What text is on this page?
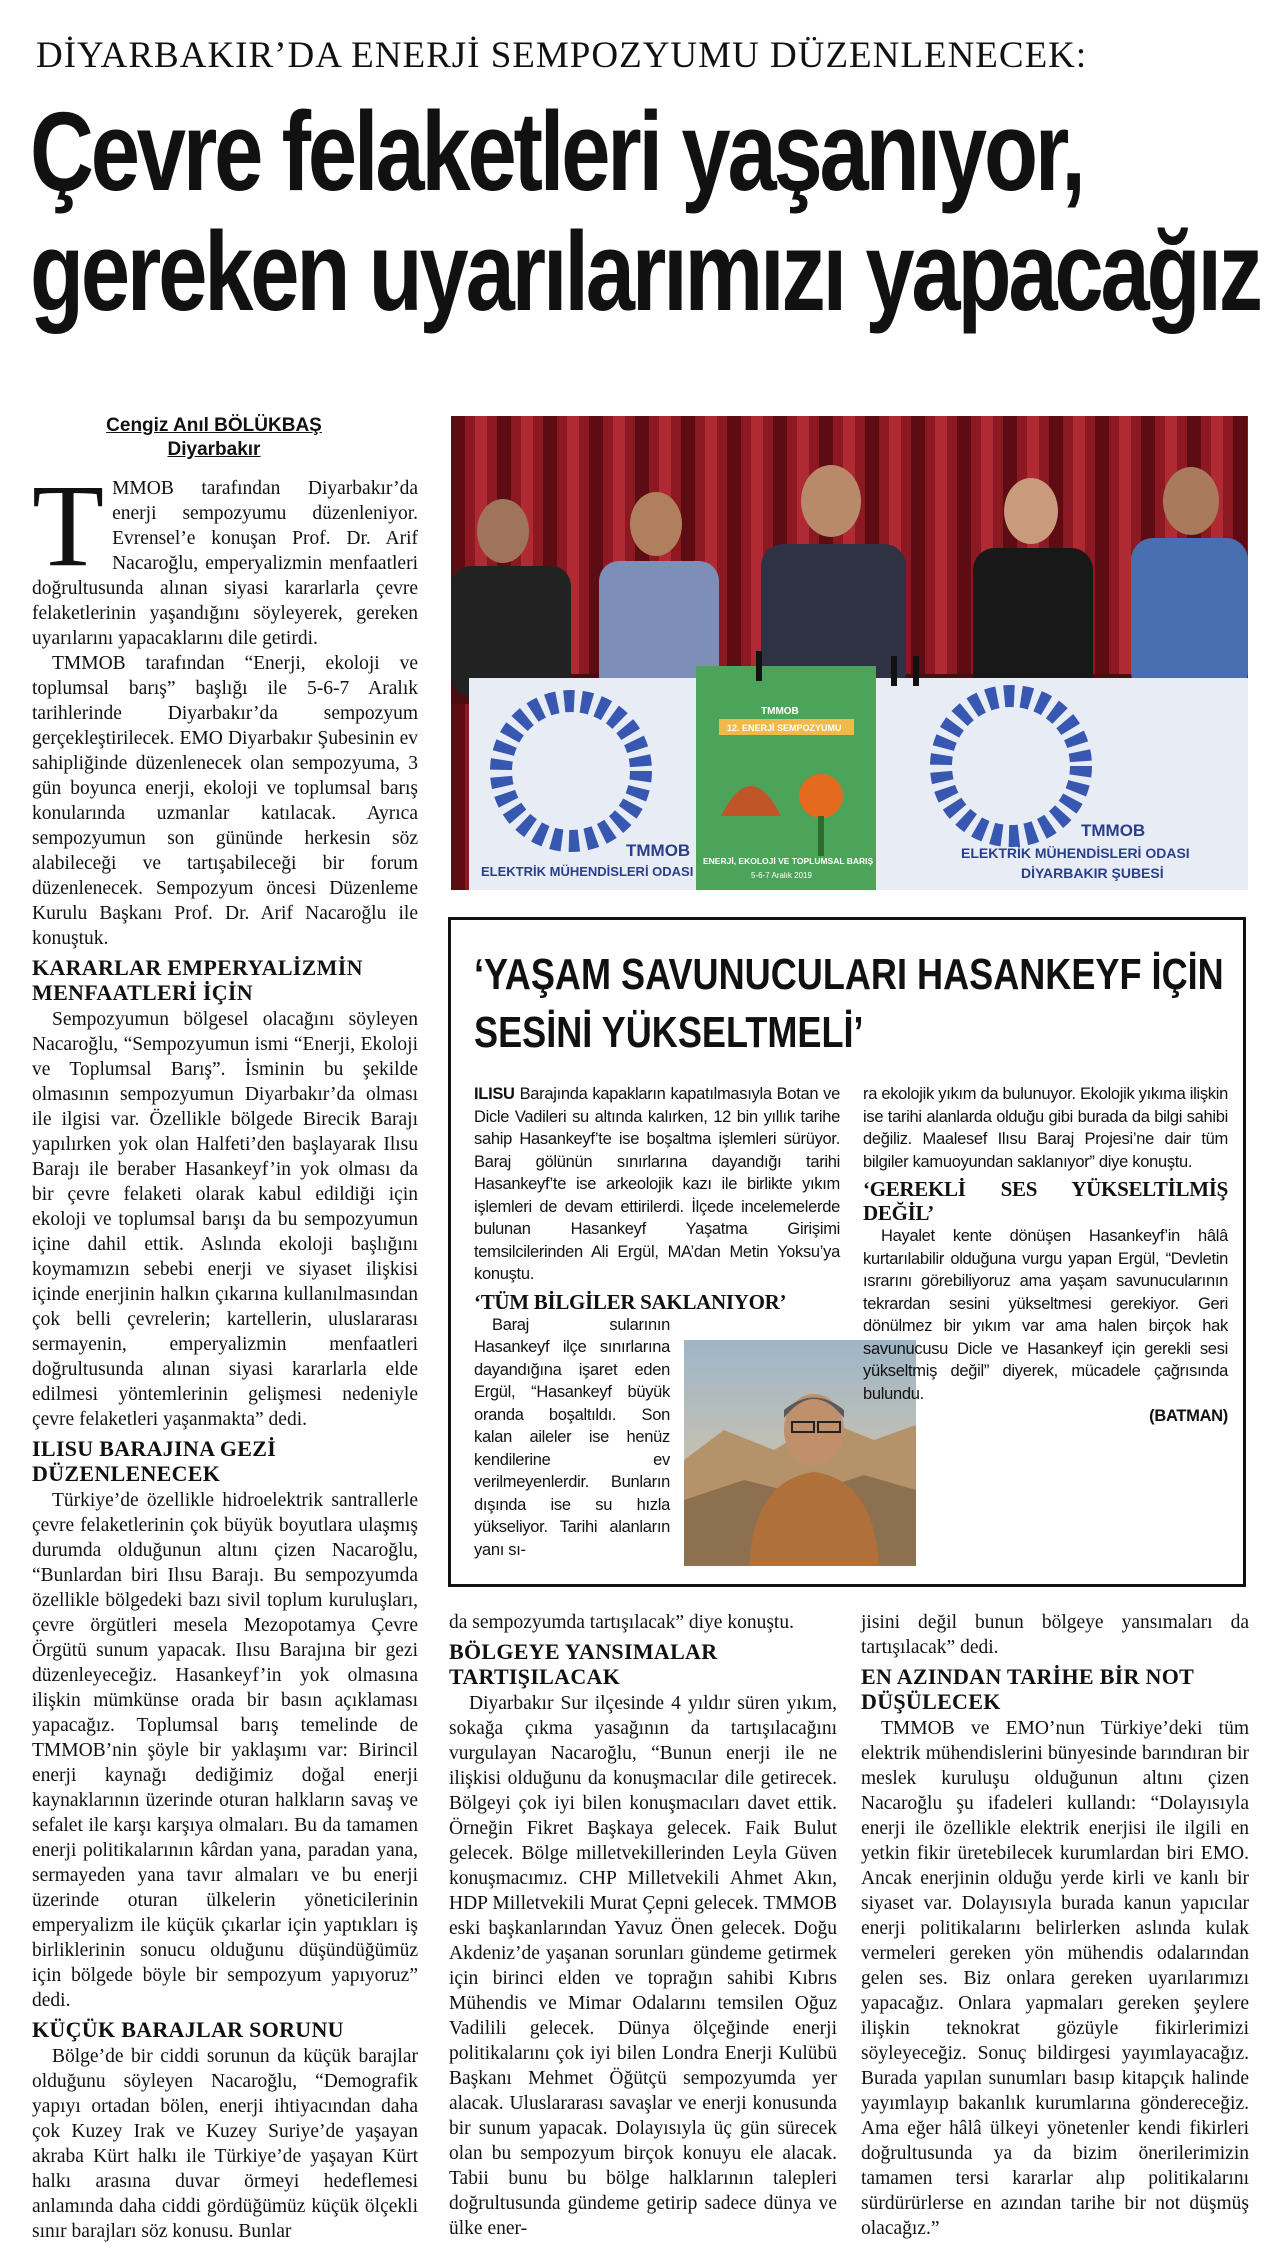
DİYARBAKIR’DA ENERJİ SEMPOZYUMU DÜZENLENECEK:
Çevre felaketleri yaşanıyor,
gereken uyarılarımızı yapacağız
Cengiz Anıl BÖLÜKBAŞ
Diyarbakır

TMMOB tarafından Diyarbakır’da enerji sempozyumu düzenleniyor. Evrensel’e konuşan Prof. Dr. Arif Nacaroğlu, emperyalizmin menfaatleri doğrultusunda alınan siyasi kararlarla çevre felaketlerinin yaşandığını söyleyerek, gereken uyarılarını yapacaklarını dile getirdi.

TMMOB tarafından “Enerji, ekoloji ve toplumsal barış” başlığı ile 5-6-7 Aralık tarihlerinde Diyarbakır’da sempozyum gerçekleştirilecek. EMO Diyarbakır Şubesinin ev sahipliğinde düzenlenecek olan sempozyuma, 3 gün boyunca enerji, ekoloji ve toplumsal barış konularında uzmanlar katılacak. Ayrıca sempozyumun son gününde herkesin söz alabileceği ve tartışabileceği bir forum düzenlenecek. Sempozyum öncesi Düzenleme Kurulu Başkanı Prof. Dr. Arif Nacaroğlu ile konuştuk.

KARARLAR EMPERYALİZMİN MENFAATLERİ İÇİN

Sempozyumun bölgesel olacağını söyleyen Nacaroğlu, “Sempozyumun ismi “Enerji, Ekoloji ve Toplumsal Barış”. İsminin bu şekilde olmasının sempozyumun Diyarbakır’da olması ile ilgisi var. Özellikle bölgede Birecik Barajı yapılırken yok olan Halfeti’den başlayarak Ilısu Barajı ile beraber Hasankeyf’in yok olması da bir çevre felaketi olarak kabul edildiği için ekoloji ve toplumsal barışı da bu sempozyumun içine dahil ettik. Aslında ekoloji başlığını koymamızın sebebi enerji ve siyaset ilişkisi içinde enerjinin halkın çıkarına kullanılmasından çok belli çevrelerin; kartellerin, uluslararası sermayenin, emperyalizmin menfaatleri doğrultusunda alınan siyasi kararlarla elde edilmesi yöntemlerinin gelişmesi nedeniyle çevre felaketleri yaşanmakta” dedi.

ILISU BARAJINA GEZİ DÜZENLENECEK

Türkiye’de özellikle hidroelektrik santrallerle çevre felaketlerinin çok büyük boyutlara ulaşmış durumda olduğunun altını çizen Nacaroğlu, “Bunlardan biri Ilısu Barajı. Bu sempozyumda özellikle bölgedeki bazı sivil toplum kuruluşları, çevre örgütleri mesela Mezopotamya Çevre Örgütü sunum yapacak. Ilısu Barajına bir gezi düzenleyeceğiz. Hasankeyf’in yok olmasına ilişkin mümkünse orada bir basın açıklaması yapacağız. Toplumsal barış temelinde de TMMOB’nin şöyle bir yaklaşımı var: Birincil enerji kaynağı dediğimiz doğal enerji kaynaklarının üzerinde oturan halkların savaş ve sefalet ile karşı karşıya olmaları. Bu da tamamen enerji politikalarının kârdan yana, paradan yana, sermayeden yana tavır almaları ve bu enerji üzerinde oturan ülkelerin yöneticilerinin emperyalizm ile küçük çıkarlar için yaptıkları iş birliklerinin sonucu olduğunu düşündüğümüz için bölgede böyle bir sempozyum yapıyoruz” dedi.

KÜÇÜK BARAJLAR SORUNU

Bölge’de bir ciddi sorunun da küçük barajlar olduğunu söyleyen Nacaroğlu, “Demografik yapıyı ortadan bölen, enerji ihtiyacından daha çok Kuzey Irak ve Kuzey Suriye’de yaşayan akraba Kürt halkı ile Türkiye’de yaşayan Kürt halkı arasına duvar örmeyi hedeflemesi anlamında daha ciddi gördüğümüz küçük ölçekli sınır barajları söz konusu. Bunlar

TMMOB
ELEKTRİK MÜHENDİSLERİ ODASI
TMMOB
12. ENERJİ SEMPOZYUMU
ENERJİ, EKOLOJİ VE TOPLUMSAL BARIŞ
5-6-7 Aralık 2019
TMMOB
ELEKTRİK MÜHENDİSLERİ ODASI
DİYARBAKIR ŞUBESİ
‘YAŞAM SAVUNUCULARI HASANKEYF İÇİN
SESİNİ YÜKSELTMELİ’

ILISU Barajında kapakların kapatılmasıyla Botan ve Dicle Vadileri su altında kalırken, 12 bin yıllık tarihe sahip Hasankeyf’te ise boşaltma işlemleri sürüyor. Baraj gölünün sınırlarına dayandığı tarihi Hasankeyf’te ise arkeolojik kazı ile birlikte yıkım işlemleri de devam ettirilerdi. İlçede incelemelerde bulunan Hasankeyf Yaşatma Girişimi temsilcilerinden Ali Ergül, MA’dan Metin Yoksu’ya konuştu.

‘TÜM BİLGİLER SAKLANIYOR’

Baraj sularının Hasankeyf ilçe sınırlarına dayandığına işaret eden Ergül, “Hasankeyf büyük oranda boşaltıldı. Son kalan aileler ise henüz kendilerine ev verilmeyenlerdir. Bunların dışında ise su hızla yükseliyor. Tarihi alanların yanı sı-

ra ekolojik yıkım da bulunuyor. Ekolojik yıkıma ilişkin ise tarihi alanlarda olduğu gibi burada da bilgi sahibi değiliz. Maalesef Ilısu Baraj Projesi’ne dair tüm bilgiler kamuoyundan saklanıyor” diye konuştu.

‘GEREKLİ SES YÜKSELTİLMİŞ DEĞİL’

Hayalet kente dönüşen Hasankeyf’in hâlâ kurtarılabilir olduğuna vurgu yapan Ergül, “Devletin ısrarını görebiliyoruz ama yaşam savunucularının tekrardan sesini yükseltmesi gerekiyor. Geri dönülmez bir yıkım var ama halen birçok hak savunucusu Dicle ve Hasankeyf için gerekli sesi yükseltmiş değil” diyerek, mücadele çağrısında bulundu.

(BATMAN)

da sempozyumda tartışılacak” diye konuştu.

BÖLGEYE YANSIMALAR TARTIŞILACAK

Diyarbakır Sur ilçesinde 4 yıldır süren yıkım, sokağa çıkma yasağının da tartışılacağını vurgulayan Nacaroğlu, “Bunun enerji ile ne ilişkisi olduğunu da konuşmacılar dile getirecek. Bölgeyi çok iyi bilen konuşmacıları davet ettik. Örneğin Fikret Başkaya gelecek. Faik Bulut gelecek. Bölge milletvekillerinden Leyla Güven konuşmacımız. CHP Milletvekili Ahmet Akın, HDP Milletvekili Murat Çepni gelecek. TMMOB eski başkanlarından Yavuz Önen gelecek. Doğu Akdeniz’de yaşanan sorunları gündeme getirmek için birinci elden ve toprağın sahibi Kıbrıs Mühendis ve Mimar Odalarını temsilen Oğuz Vadilili gelecek. Dünya ölçeğinde enerji politikalarını çok iyi bilen Londra Enerji Kulübü Başkanı Mehmet Öğütçü sempozyumda yer alacak. Uluslararası savaşlar ve enerji konusunda bir sunum yapacak. Dolayısıyla üç gün sürecek olan bu sempozyum birçok konuyu ele alacak. Tabii bunu bu bölge halklarının talepleri doğrultusunda gündeme getirip sadece dünya ve ülke ener-

jisini değil bunun bölgeye yansımaları da tartışılacak” dedi.

EN AZINDAN TARİHE BİR NOT DÜŞÜLECEK

TMMOB ve EMO’nun Türkiye’deki tüm elektrik mühendislerini bünyesinde barındıran bir meslek kuruluşu olduğunun altını çizen Nacaroğlu şu ifadeleri kullandı: “Dolayısıyla enerji ile özellikle elektrik enerjisi ile ilgili en yetkin fikir üretebilecek kurumlardan biri EMO. Ancak enerjinin olduğu yerde kirli ve kanlı bir siyaset var. Dolayısıyla burada kanun yapıcılar enerji politikalarını belirlerken aslında kulak vermeleri gereken yön mühendis odalarından gelen ses. Biz onlara gereken uyarılarımızı yapacağız. Onlara yapmaları gereken şeylere ilişkin teknokrat gözüyle fikirlerimizi söyleyeceğiz. Sonuç bildirgesi yayımlayacağız. Burada yapılan sunumları basıp kitapçık halinde yayımlayıp bakanlık kurumlarına göndereceğiz. Ama eğer hâlâ ülkeyi yönetenler kendi fikirleri doğrultusunda ya da bizim önerilerimizin tamamen tersi kararlar alıp politikalarını sürdürürlerse en azından tarihe bir not düşmüş olacağız.”
